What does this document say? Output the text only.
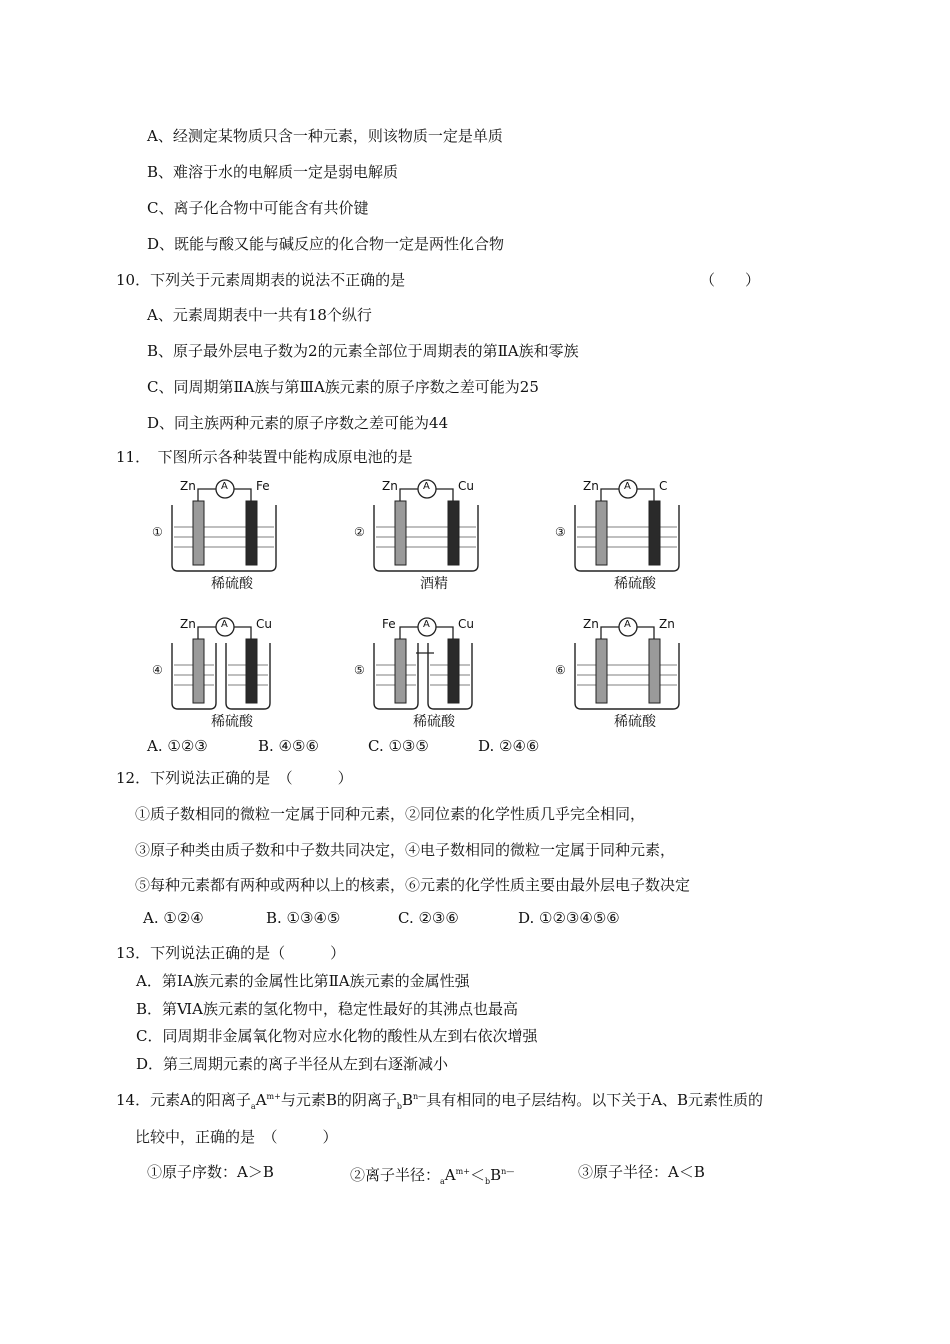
A、经测定某物质只含一种元素，则该物质一定是单质
B、难溶于水的电解质一定是弱电解质
C、离子化合物中可能含有共价键
D、既能与酸又能与碱反应的化合物一定是两性化合物
10．下列关于元素周期表的说法不正确的是	（　　）
A、元素周期表中一共有18个纵行
B、原子最外层电子数为2的元素全部位于周期表的第ⅡA族和零族
C、同周期第ⅡA族与第ⅢA族元素的原子序数之差可能为25
D、同主族两种元素的原子序数之差可能为44
11．　下图所示各种装置中能构成原电池的是
Zn	Fe
A
①
稀硫酸
Zn	Cu
A
②
酒精
Zn	C
A
③
稀硫酸
Zn	Cu
A
④
稀硫酸
Fe	Cu
A
⑤
稀硫酸
Zn	Zn
A
⑥
稀硫酸
A. ①②③	B. ④⑤⑥	C. ①③⑤	D. ②④⑥
12．下列说法正确的是　（　　　）
①质子数相同的微粒一定属于同种元素，②同位素的化学性质几乎完全相同，
③原子种类由质子数和中子数共同决定，④电子数相同的微粒一定属于同种元素，
⑤每种元素都有两种或两种以上的核素，⑥元素的化学性质主要由最外层电子数决定
A. ①②④	B. ①③④⑤	C. ②③⑥	D. ①②③④⑤⑥
13．下列说法正确的是（　　　）
A．第ⅠA族元素的金属性比第ⅡA族元素的金属性强
B．第ⅥA族元素的氢化物中，稳定性最好的其沸点也最高
C．同周期非金属氧化物对应水化物的酸性从左到右依次增强
D．第三周期元素的离子半径从左到右逐渐减小
14．元素A的阳离子$_aA^{m+}$与元素B的阴离子$_bB^{n—}$具有相同的电子层结构。以下关于A、B元素性质的
比较中，正确的是　（　　　）
①原子序数：A＞B	②离子半径：$_aA^{m+}<_bB^{n—}$	③原子半径：A＜B
